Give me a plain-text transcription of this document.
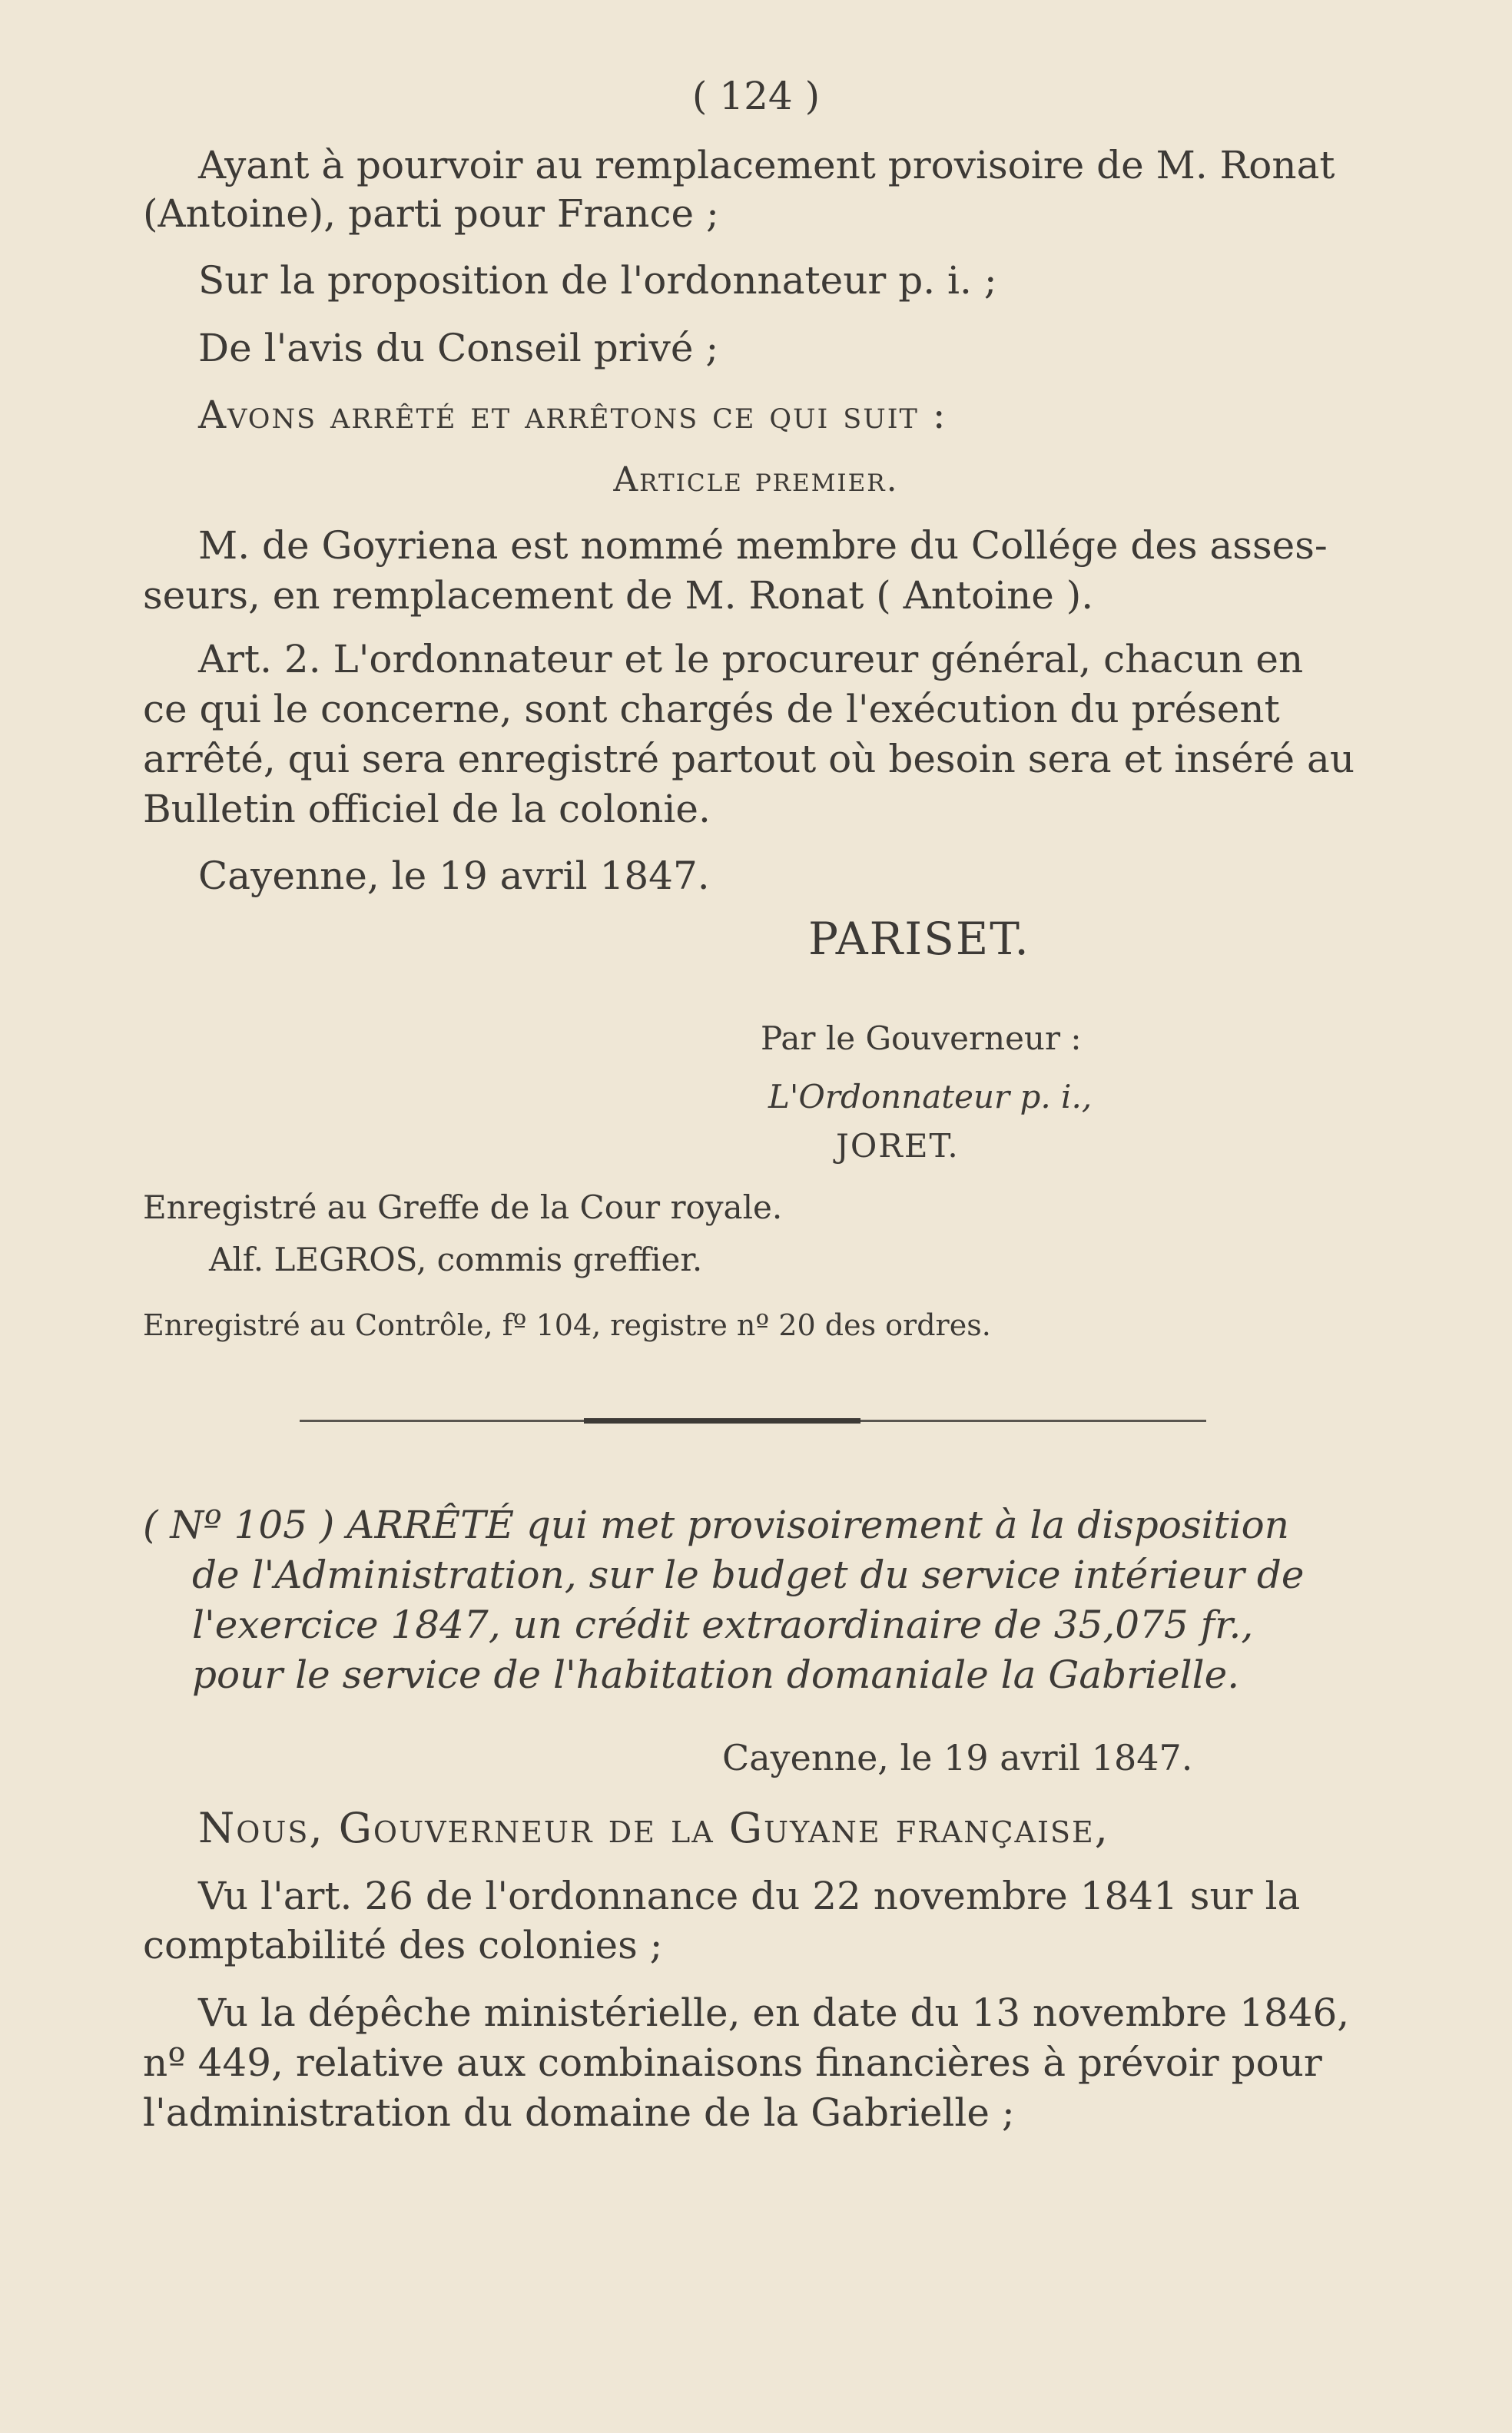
( 124 )
Ayant à pourvoir au remplacement provisoire de M. Ronat
(Antoine), parti pour France ;
Sur la proposition de l'ordonnateur p. i. ;
De l'avis du Conseil privé ;
Avons arrêté et arrêtons ce qui suit :
Article premier.
M. de Goyriena est nommé membre du Collége des asses-
seurs, en remplacement de M. Ronat ( Antoine ).
Art. 2. L'ordonnateur et le procureur général, chacun en
ce qui le concerne, sont chargés de l'exécution du présent
arrêté, qui sera enregistré partout où besoin sera et inséré au
Bulletin officiel de la colonie.
Cayenne, le 19 avril 1847.
PARISET.
Par le Gouverneur :
L'Ordonnateur p. i.,
JORET.
Enregistré au Greffe de la Cour royale.
Alf. LEGROS, commis greffier.
Enregistré au Contrôle, fº 104, registre nº 20 des ordres.
( Nº 105 ) ARRÊTÉ qui met provisoirement à la disposition
de l'Administration, sur le budget du service intérieur de
l'exercice 1847, un crédit extraordinaire de 35,075 fr.,
pour le service de l'habitation domaniale la Gabrielle.
Cayenne, le 19 avril 1847.
Nous, Gouverneur de la Guyane française,
Vu l'art. 26 de l'ordonnance du 22 novembre 1841 sur la
comptabilité des colonies ;
Vu la dépêche ministérielle, en date du 13 novembre 1846,
nº 449, relative aux combinaisons financières à prévoir pour
l'administration du domaine de la Gabrielle ;
